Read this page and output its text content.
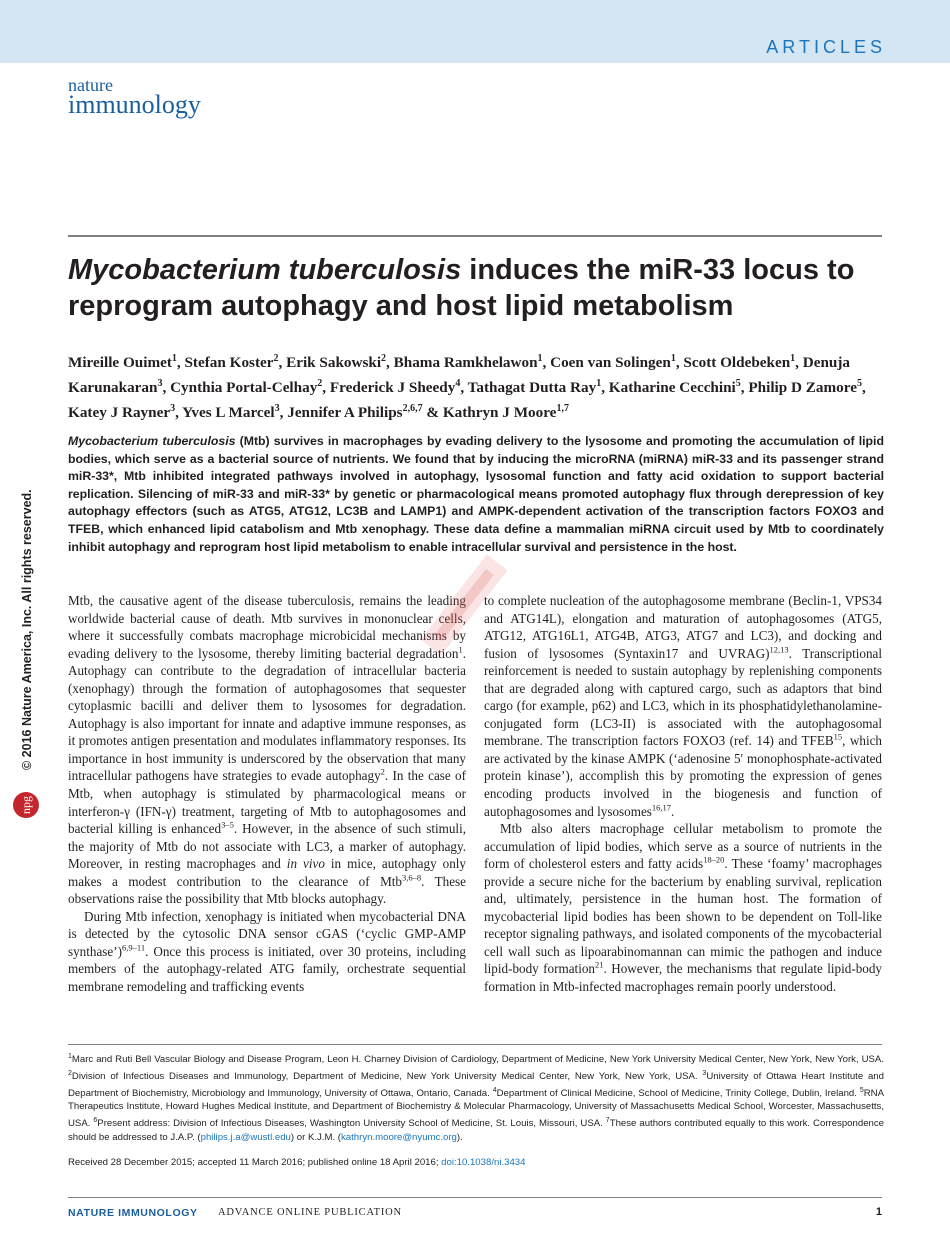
ARTICLES
nature
immunology
Mycobacterium tuberculosis induces the miR-33 locus to reprogram autophagy and host lipid metabolism
Mireille Ouimet$^1$, Stefan Koster$^2$, Erik Sakowski$^2$, Bhama Ramkhelawon$^1$, Coen van Solingen$^1$, Scott Oldebeken$^1$, Denuja Karunakaran$^3$, Cynthia Portal-Celhay$^2$, Frederick J Sheedy$^4$, Tathagat Dutta Ray$^1$, Katharine Cecchini$^5$, Philip D Zamore$^5$, Katey J Rayner$^3$, Yves L Marcel$^3$, Jennifer A Philips$^{2,6,7}$ & Kathryn J Moore$^{1,7}$
Mycobacterium tuberculosis (Mtb) survives in macrophages by evading delivery to the lysosome and promoting the accumulation of lipid bodies, which serve as a bacterial source of nutrients. We found that by inducing the microRNA (miRNA) miR-33 and its passenger strand miR-33*, Mtb inhibited integrated pathways involved in autophagy, lysosomal function and fatty acid oxidation to support bacterial replication. Silencing of miR-33 and miR-33* by genetic or pharmacological means promoted autophagy flux through derepression of key autophagy effectors (such as ATG5, ATG12, LC3B and LAMP1) and AMPK-dependent activation of the transcription factors FOXO3 and TFEB, which enhanced lipid catabolism and Mtb xenophagy. These data define a mammalian miRNA circuit used by Mtb to coordinately inhibit autophagy and reprogram host lipid metabolism to enable intracellular survival and persistence in the host.

Mtb, the causative agent of the disease tuberculosis, remains the leading worldwide bacterial cause of death. Mtb survives in mononuclear cells, where it successfully combats macrophage microbicidal mechanisms by evading delivery to the lysosome, thereby limiting bacterial degradation$^1$. Autophagy can contribute to the degradation of intracellular bacteria (xenophagy) through the formation of autophagosomes that sequester cytoplasmic bacilli and deliver them to lysosomes for degradation. Autophagy is also important for innate and adaptive immune responses, as it promotes antigen presentation and modulates inflammatory responses. Its importance in host immunity is underscored by the observation that many intracellular pathogens have strategies to evade autophagy$^2$. In the case of Mtb, when autophagy is stimulated by pharmacological means or interferon-γ (IFN-γ) treatment, targeting of Mtb to autophagosomes and bacterial killing is enhanced$^{3-5}$. However, in the absence of such stimuli, the majority of Mtb do not associate with LC3, a marker of autophagy. Moreover, in resting macrophages and in vivo in mice, autophagy only makes a modest contribution to the clearance of Mtb$^{3,6-8}$. These observations raise the possibility that Mtb blocks autophagy.

During Mtb infection, xenophagy is initiated when mycobacterial DNA is detected by the cytosolic DNA sensor cGAS (‘cyclic GMP-AMP synthase’)$^{6,9-11}$. Once this process is initiated, over 30 proteins, including members of the autophagy-related ATG family, orchestrate sequential membrane remodeling and trafficking events

to complete nucleation of the autophagosome membrane (Beclin-1, VPS34 and ATG14L), elongation and maturation of autophagosomes (ATG5, ATG12, ATG16L1, ATG4B, ATG3, ATG7 and LC3), and docking and fusion of lysosomes (Syntaxin17 and UVRAG)$^{12,13}$. Transcriptional reinforcement is needed to sustain autophagy by replenishing components that are degraded along with captured cargo, such as adaptors that bind cargo (for example, p62) and LC3, which in its phosphatidylethanolamine-conjugated form (LC3-II) is associated with the autophagosomal membrane. The transcription factors FOXO3 (ref. 14) and TFEB$^{15}$, which are activated by the kinase AMPK (‘adenosine 5′ monophosphate-activated protein kinase’), accomplish this by promoting the expression of genes encoding products involved in the biogenesis and function of autophagosomes and lysosomes$^{16,17}$.

Mtb also alters macrophage cellular metabolism to promote the accumulation of lipid bodies, which serve as a source of nutrients in the form of cholesterol esters and fatty acids$^{18-20}$. These ‘foamy’ macrophages provide a secure niche for the bacterium by enabling survival, replication and, ultimately, persistence in the human host. The formation of mycobacterial lipid bodies has been shown to be dependent on Toll-like receptor signaling pathways, and isolated components of the mycobacterial cell wall such as lipoarabinomannan can mimic the pathogen and induce lipid-body formation$^{21}$. However, the mechanisms that regulate lipid-body formation in Mtb-infected macrophages remain poorly understood.

$^1$Marc and Ruti Bell Vascular Biology and Disease Program, Leon H. Charney Division of Cardiology, Department of Medicine, New York University Medical Center, New York, New York, USA. $^2$Division of Infectious Diseases and Immunology, Department of Medicine, New York University Medical Center, New York, New York, USA. $^3$University of Ottawa Heart Institute and Department of Biochemistry, Microbiology and Immunology, University of Ottawa, Ontario, Canada. $^4$Department of Clinical Medicine, School of Medicine, Trinity College, Dublin, Ireland. $^5$RNA Therapeutics Institute, Howard Hughes Medical Institute, and Department of Biochemistry & Molecular Pharmacology, University of Massachusetts Medical School, Worcester, Massachusetts, USA. $^6$Present address: Division of Infectious Diseases, Washington University School of Medicine, St. Louis, Missouri, USA. $^7$These authors contributed equally to this work. Correspondence should be addressed to J.A.P. (philips.j.a@wustl.edu) or K.J.M. (kathryn.moore@nyumc.org).
Received 28 December 2015; accepted 11 March 2016; published online 18 April 2016; doi:10.1038/ni.3434
NATURE IMMUNOLOGY ADVANCE ONLINE PUBLICATION	1
© 2016 Nature America, Inc. All rights reserved.
npg
